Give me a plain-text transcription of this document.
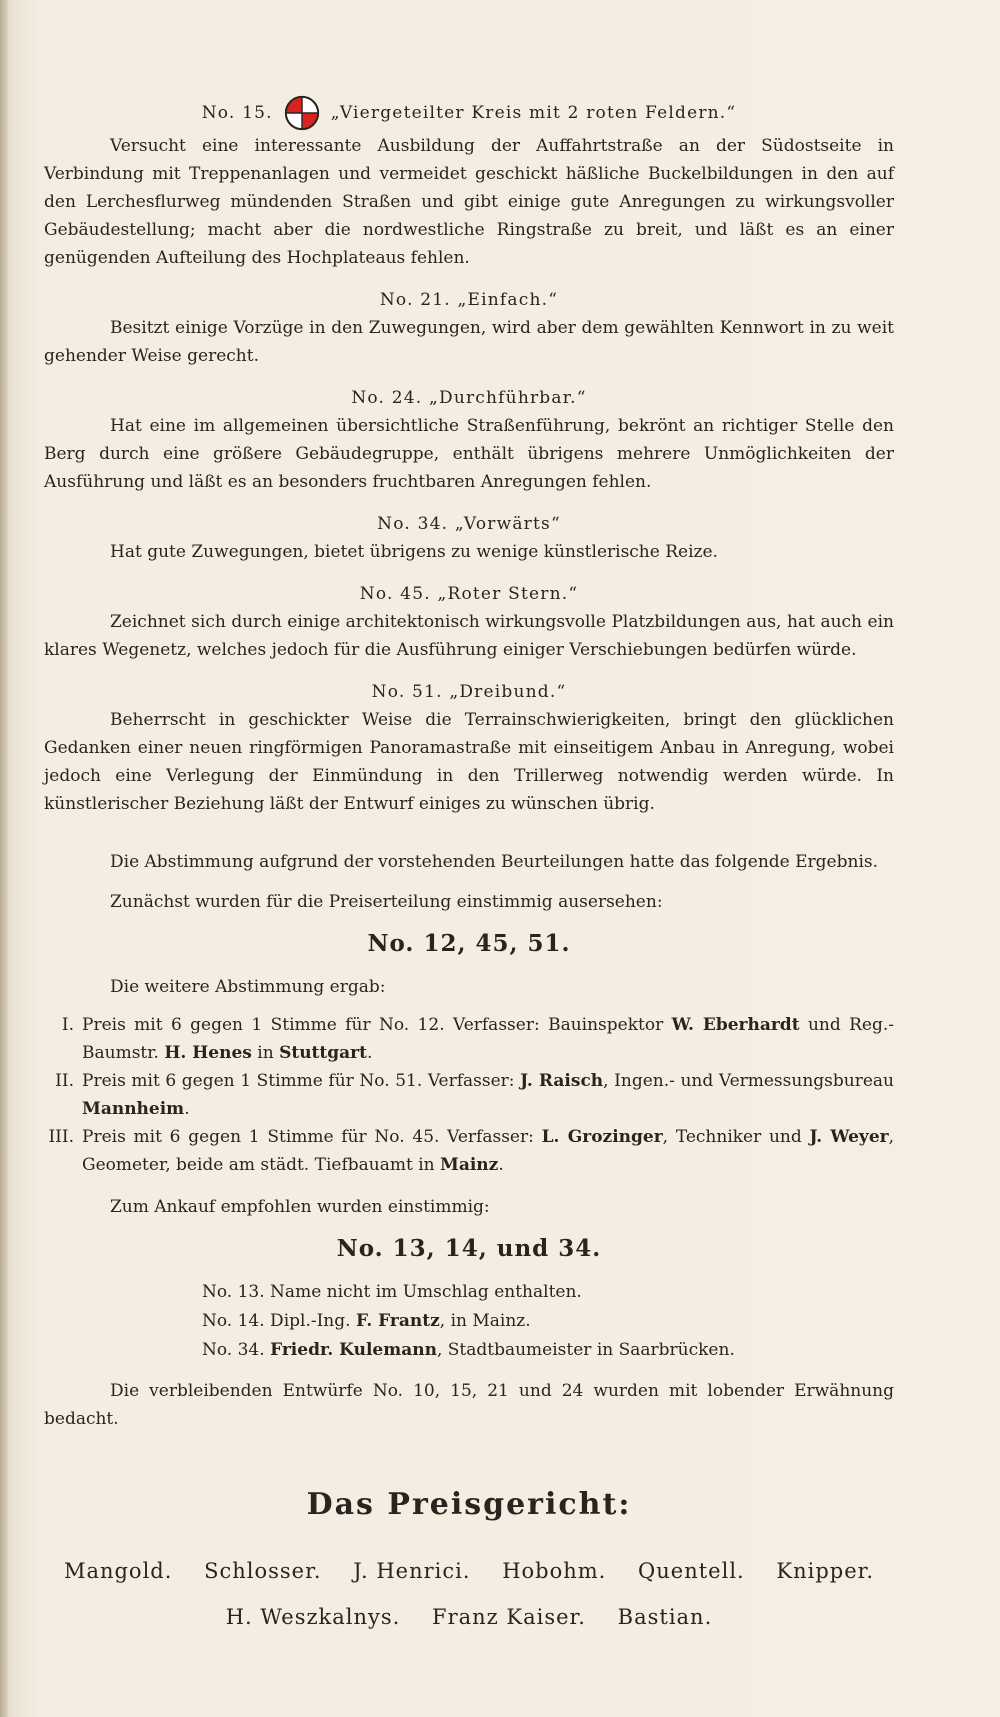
No. 15.	„Viergeteilter Kreis mit 2 roten Feldern.“

Versucht eine interessante Ausbildung der Auffahrtstraße an der Südostseite in Verbindung mit Treppenanlagen und vermeidet geschickt häßliche Buckelbildungen in den auf den Lerchesflurweg mündenden Straßen und gibt einige gute Anregungen zu wirkungsvoller Gebäudestellung; macht aber die nordwestliche Ringstraße zu breit, und läßt es an einer genügenden Aufteilung des Hochplateaus fehlen.

No. 21. „Einfach.“

Besitzt einige Vorzüge in den Zuwegungen, wird aber dem gewählten Kennwort in zu weit gehender Weise gerecht.

No. 24. „Durchführbar.“

Hat eine im allgemeinen übersichtliche Straßenführung, bekrönt an richtiger Stelle den Berg durch eine größere Gebäudegruppe, enthält übrigens mehrere Unmöglichkeiten der Ausführung und läßt es an besonders fruchtbaren Anregungen fehlen.

No. 34. „Vorwärts“

Hat gute Zuwegungen, bietet übrigens zu wenige künstlerische Reize.

No. 45. „Roter Stern.“

Zeichnet sich durch einige architektonisch wirkungsvolle Platzbildungen aus, hat auch ein klares Wegenetz, welches jedoch für die Ausführung einiger Verschiebungen bedürfen würde.

No. 51. „Dreibund.“

Beherrscht in geschickter Weise die Terrainschwierigkeiten, bringt den glücklichen Gedanken einer neuen ringförmigen Panoramastraße mit einseitigem Anbau in Anregung, wobei jedoch eine Verlegung der Einmündung in den Trillerweg notwendig werden würde. In künstlerischer Beziehung läßt der Entwurf einiges zu wünschen übrig.

Die Abstimmung aufgrund der vorstehenden Beurteilungen hatte das folgende Ergebnis.

Zunächst wurden für die Preiserteilung einstimmig ausersehen:

No. 12, 45, 51.

Die weitere Abstimmung ergab:

I. Preis mit 6 gegen 1 Stimme für No. 12. Verfasser: Bauinspektor W. Eberhardt und Reg.-Baumstr. H. Henes in Stuttgart.
II. Preis mit 6 gegen 1 Stimme für No. 51. Verfasser: J. Raisch, Ingen.- und Vermessungsbureau Mannheim.
III. Preis mit 6 gegen 1 Stimme für No. 45. Verfasser: L. Grozinger, Techniker und J. Weyer, Geometer, beide am städt. Tiefbauamt in Mainz.

Zum Ankauf empfohlen wurden einstimmig:

No. 13, 14, und 34.
No. 13. Name nicht im Umschlag enthalten.
No. 14. Dipl.-Ing. F. Frantz, in Mainz.
No. 34. Friedr. Kulemann, Stadtbaumeister in Saarbrücken.

Die verbleibenden Entwürfe No. 10, 15, 21 und 24 wurden mit lobender Erwähnung bedacht.

Das Preisgericht:
Mangold. Schlosser. J. Henrici. Hobohm. Quentell. Knipper.
H. Weszkalnys. Franz Kaiser. Bastian.
